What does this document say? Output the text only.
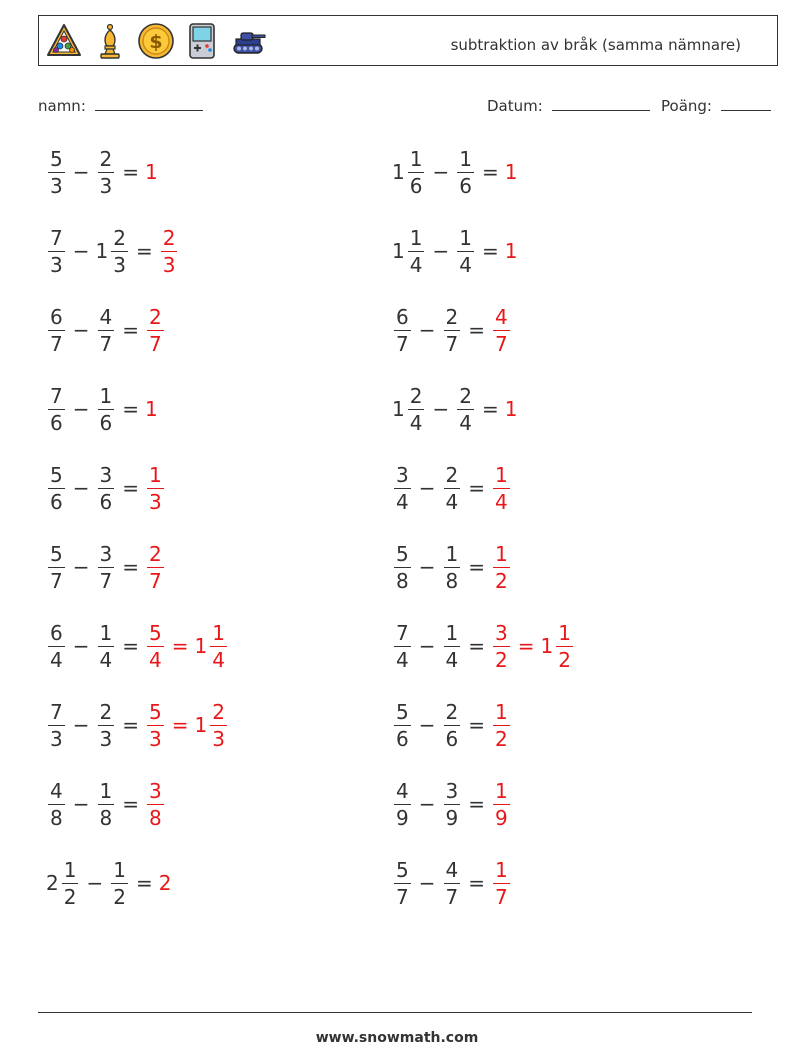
$	subtraktion av bråk (samma nämnare)
namn:	Datum:	Poäng:
$\frac{5}{3} - \frac{2}{3} = 1$	$1 \frac{1}{6} - \frac{1}{6} = 1$
$\frac{7}{3} - 1 \frac{2}{3} = \frac{2}{3}$	$1 \frac{1}{4} - \frac{1}{4} = 1$
$\frac{6}{7} - \frac{4}{7} = \frac{2}{7}$	$\frac{6}{7} - \frac{2}{7} = \frac{4}{7}$
$\frac{7}{6} - \frac{1}{6} = 1$	$1 \frac{2}{4} - \frac{2}{4} = 1$
$\frac{5}{6} - \frac{3}{6} = \frac{1}{3}$	$\frac{3}{4} - \frac{2}{4} = \frac{1}{4}$
$\frac{5}{7} - \frac{3}{7} = \frac{2}{7}$	$\frac{5}{8} - \frac{1}{8} = \frac{1}{2}$
$\frac{6}{4} - \frac{1}{4} = \frac{5}{4} = 1 \frac{1}{4}$	$\frac{7}{4} - \frac{1}{4} = \frac{3}{2} = 1 \frac{1}{2}$
$\frac{7}{3} - \frac{2}{3} = \frac{5}{3} = 1 \frac{2}{3}$	$\frac{5}{6} - \frac{2}{6} = \frac{1}{2}$
$\frac{4}{8} - \frac{1}{8} = \frac{3}{8}$	$\frac{4}{9} - \frac{3}{9} = \frac{1}{9}$
$2 \frac{1}{2} - \frac{1}{2} = 2$	$\frac{5}{7} - \frac{4}{7} = \frac{1}{7}$
www.snowmath.com
